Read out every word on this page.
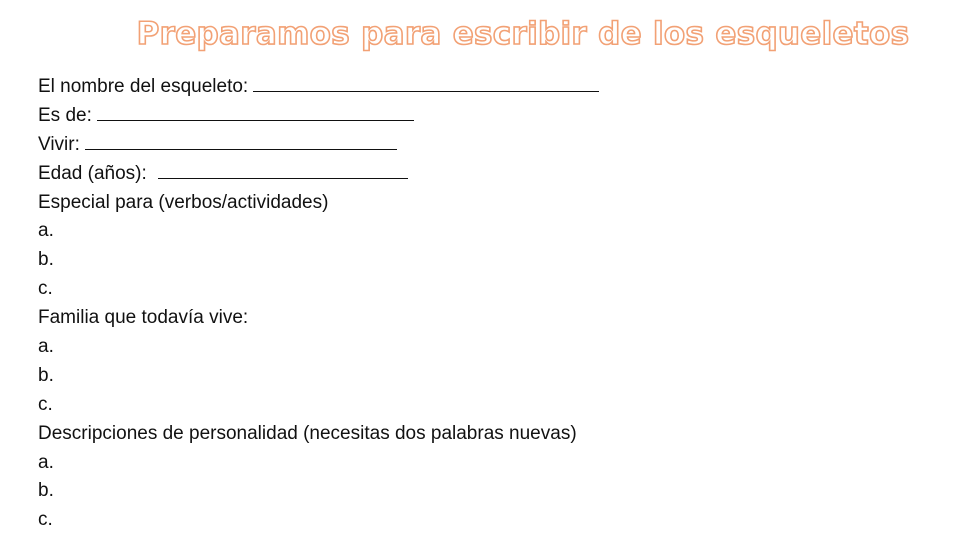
Preparamos para escribir de los esqueletos
El nombre del esqueleto:
Es de:
Vivir:
Edad (años):
Especial para (verbos/actividades)
a.
b.
c.
Familia que todavía vive:
a.
b.
c.
Descripciones de personalidad (necesitas dos palabras nuevas)
a.
b.
c.
